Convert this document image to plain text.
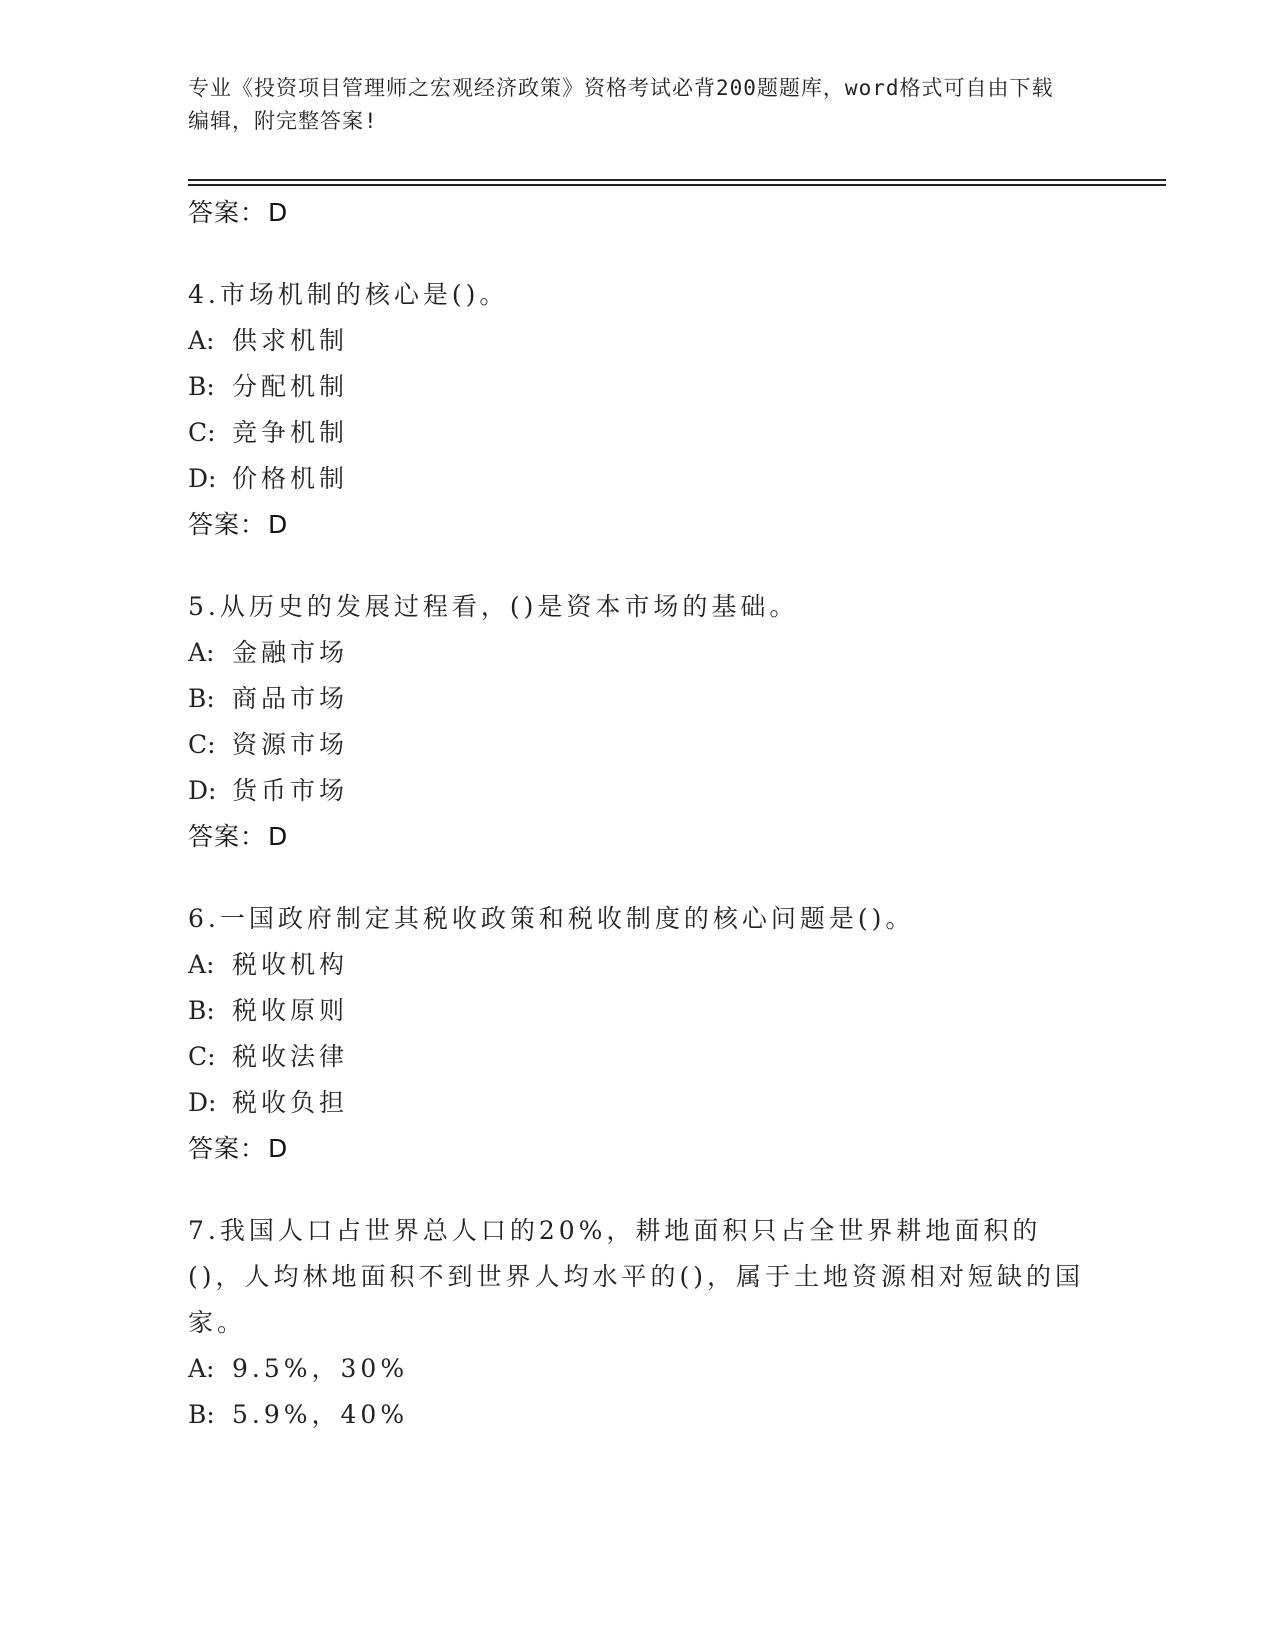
专业《投资项目管理师之宏观经济政策》资格考试必背200题题库，word格式可自由下载编辑，附完整答案!
答案：D
4.市场机制的核心是()。
A: 供求机制
B: 分配机制
C: 竞争机制
D: 价格机制
答案：D
5.从历史的发展过程看，()是资本市场的基础。
A: 金融市场
B: 商品市场
C: 资源市场
D: 货币市场
答案：D
6.一国政府制定其税收政策和税收制度的核心问题是()。
A: 税收机构
B: 税收原则
C: 税收法律
D: 税收负担
答案：D
7.我国人口占世界总人口的20%，耕地面积只占全世界耕地面积的()，人均林地面积不到世界人均水平的()，属于土地资源相对短缺的国家。
A: 9.5%，30%
B: 5.9%，40%
